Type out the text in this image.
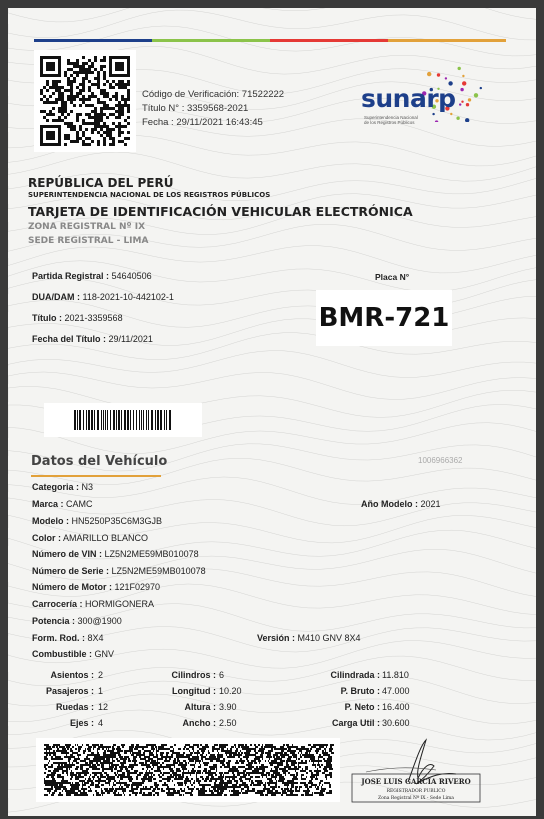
Código de Verificación: 71522222
Título N° : 3359568-2021
Fecha : 29/11/2021 16:43:45
sunarp
Superintendencia Nacional
de los Registros Públicos
REPÚBLICA DEL PERÚ
SUPERINTENDENCIA NACIONAL DE LOS REGISTROS PÚBLICOS
TARJETA DE IDENTIFICACIÓN VEHICULAR ELECTRÓNICA
ZONA REGISTRAL Nº IX
SEDE REGISTRAL - LIMA
Partida Registral : 54640506
DUA/DAM : 118-2021-10-442102-1
Título : 2021-3359568
Fecha del Título : 29/11/2021
Placa N°
BMR-721
Datos del Vehículo	1006966362
Categoria : N3
Marca : CAMC	Año Modelo : 2021
Modelo : HN5250P35C6M3GJB
Color : AMARILLO BLANCO
Número de VIN : LZ5N2ME59MB010078
Número de Serie : LZ5N2ME59MB010078
Número de Motor : 121F02970
Carrocería : HORMIGONERA
Potencia : 300@1900
Form. Rod. : 8X4	Versión : M410 GNV 8X4
Combustible : GNV
Asientos : 2	Cilindros : 6	Cilindrada : 11.810
Pasajeros : 1	Longitud : 10.20	P. Bruto : 47.000
Ruedas : 12	Altura : 3.90	P. Neto : 16.400
Ejes : 4	Ancho : 2.50	Carga Util : 30.600
JOSE LUIS GARCIA RIVERO
REGISTRADOR PUBLICO
Zona Registral Nº IX - Sede Lima
